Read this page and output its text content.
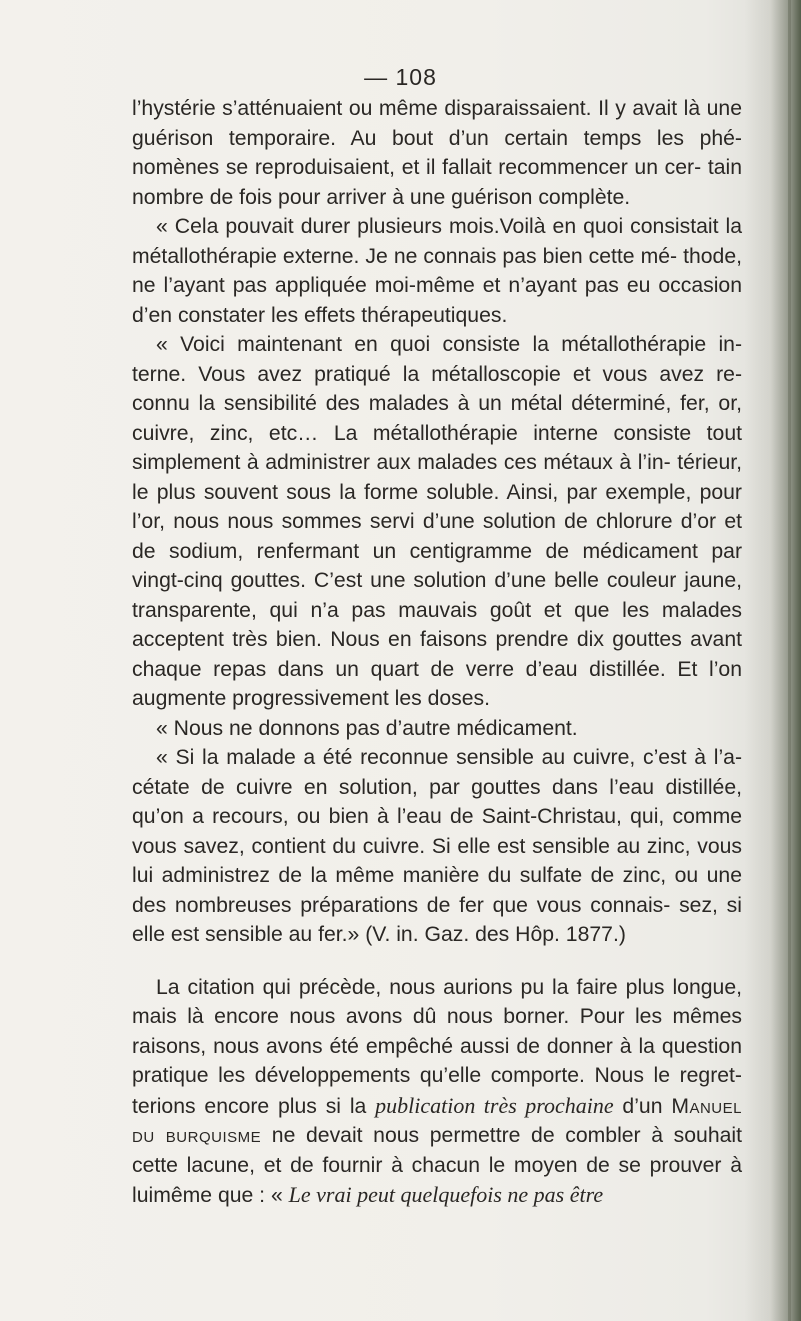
— 108

l’hystérie s’atténuaient ou même disparaissaient. Il y avait là une guérison temporaire. Au bout d’un certain temps les phé- nomènes se reproduisaient, et il fallait recommencer un cer- tain nombre de fois pour arriver à une guérison complète.

« Cela pouvait durer plusieurs mois.Voilà en quoi consistait la métallothérapie externe. Je ne connais pas bien cette mé- thode, ne l’ayant pas appliquée moi-même et n’ayant pas eu occasion d’en constater les effets thérapeutiques.

« Voici maintenant en quoi consiste la métallothérapie in- terne. Vous avez pratiqué la métalloscopie et vous avez re- connu la sensibilité des malades à un métal déterminé, fer, or, cuivre, zinc, etc… La métallothérapie interne consiste tout simplement à administrer aux malades ces métaux à l’in- térieur, le plus souvent sous la forme soluble. Ainsi, par exemple, pour l’or, nous nous sommes servi d’une solution de chlorure d’or et de sodium, renfermant un centigramme de médicament par vingt-cinq gouttes. C’est une solution d’une belle couleur jaune, transparente, qui n’a pas mauvais goût et que les malades acceptent très bien. Nous en faisons prendre dix gouttes avant chaque repas dans un quart de verre d’eau distillée. Et l’on augmente progressivement les doses.

« Nous ne donnons pas d’autre médicament.

« Si la malade a été reconnue sensible au cuivre, c’est à l’a- cétate de cuivre en solution, par gouttes dans l’eau distillée, qu’on a recours, ou bien à l’eau de Saint-Christau, qui, comme vous savez, contient du cuivre. Si elle est sensible au zinc, vous lui administrez de la même manière du sulfate de zinc, ou une des nombreuses préparations de fer que vous connais- sez, si elle est sensible au fer.» (V. in. Gaz. des Hôp. 1877.)

La citation qui précède, nous aurions pu la faire plus longue, mais là encore nous avons dû nous borner. Pour les mêmes raisons, nous avons été empêché aussi de donner à la question pratique les développements qu’elle comporte. Nous le regret- terions encore plus si la publication très prochaine d’un Manuel du burquisme ne devait nous permettre de combler à souhait cette lacune, et de fournir à chacun le moyen de se prouver à luimême que : « Le vrai peut quelquefois ne pas être
